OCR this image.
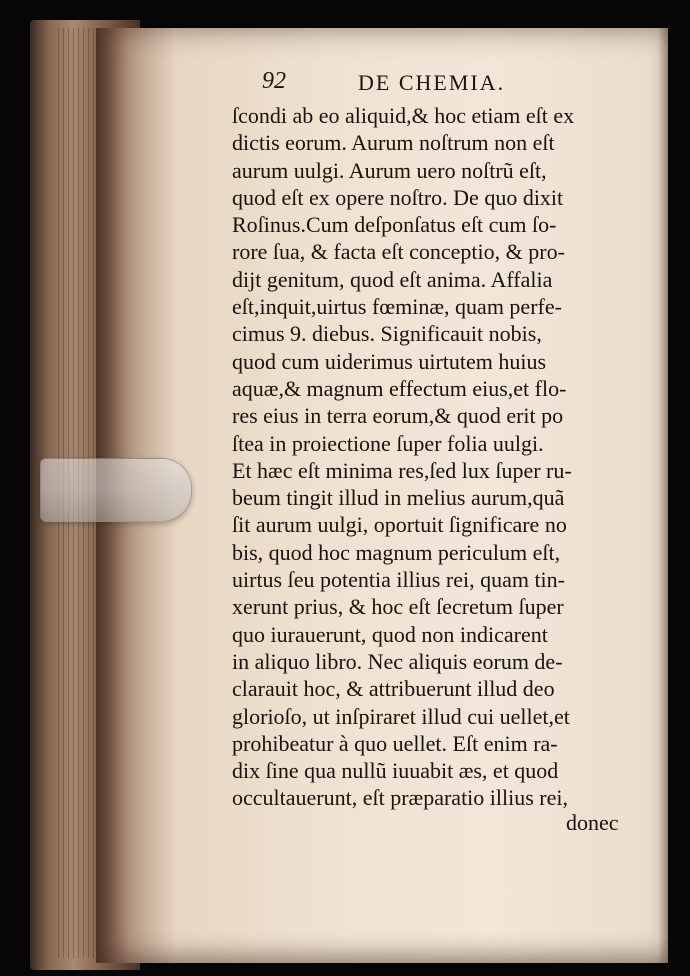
92	DE CHEMIA.
ſcondi ab eo aliquid,& hoc etiam eſt ex
dictis eorum. Aurum noſtrum non eſt
aurum uulgi. Aurum uero noſtrũ eſt,
quod eſt ex opere noſtro. De quo dixit
Roſinus.Cum deſponſatus eſt cum ſo-
rore ſua, & facta eſt conceptio, & pro-
dijt genitum, quod eſt anima. Affalia
eſt,inquit,uirtus fœminæ, quam perfe-
cimus 9. diebus. Significauit nobis,
quod cum uiderimus uirtutem huius
aquæ,& magnum effectum eius,et flo-
res eius in terra eorum,& quod erit po
ſtea in proiectione ſuper folia uulgi.
Et hæc eſt minima res,ſed lux ſuper ru-
beum tingit illud in melius aurum,quã
ſit aurum uulgi, oportuit ſignificare no
bis, quod hoc magnum periculum eſt,
uirtus ſeu potentia illius rei, quam tin-
xerunt prius, & hoc eſt ſecretum ſuper
quo iurauerunt, quod non indicarent
in aliquo libro. Nec aliquis eorum de-
clarauit hoc, & attribuerunt illud deo
glorioſo, ut inſpiraret illud cui uellet,et
prohibeatur à quo uellet. Eſt enim ra-
dix ſine qua nullũ iuuabit æs, et quod
occultauerunt, eſt præparatio illius rei,
donec
